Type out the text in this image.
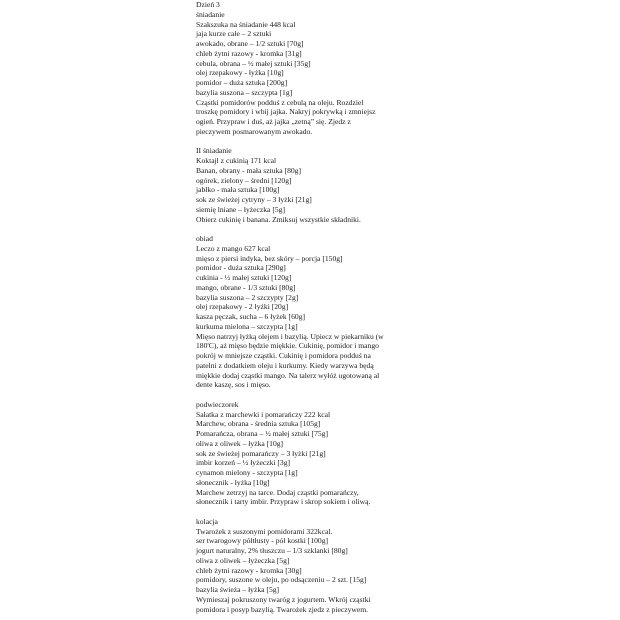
Dzień 3
śniadanie
Szakszuka na śniadanie 448 kcal
jaja kurze całe – 2 sztuki
awokado, obrane – 1/2 sztuki [70g]
chleb żytni razowy - kromka [31g]
cebula, obrana – ½ małej sztuki [35g]
olej rzepakowy - łyżka [10g]
pomidor – duża sztuka [200g]
bazylia suszona – szczypta [1g]
Cząstki pomidorów podduś z cebulą na oleju. Rozdziel
troszkę pomidory i wbij jajka. Nakryj pokrywką i zmniejsz
ogień. Przypraw i duś, aż jajka „zetną” się. Zjedz z
pieczywem posmarowanym awokado.
II śniadanie
Koktajl z cukinią 171 kcal
Banan, obrany - mała sztuka [80g]
ogórek, zielony – średni [120g]
jabłko - mała sztuka [100g]
sok ze świeżej cytryny – 3 łyżki [21g]
siemię lniane – łyżeczka [5g]
Obierz cukinię i banana. Zmiksuj wszystkie składniki.
obiad
Leczo z mango 627 kcal
mięso z piersi indyka, bez skóry – porcja [150g]
pomidor - duża sztuka [290g]
cukinia - ½ małej sztuki [120g]
mango, obrane - 1/3 sztuki [80g]
bazylia suszona – 2 szczypty [2g]
olej rzepakowy - 2 łyżki [20g]
kasza pęczak, sucha – 6 łyżek [60g]
kurkuma mielona – szczypta [1g]
Mięso natrzyj łyżką olejem i bazylią. Upiecz w piekarniku (w
180'C), aż mięso będzie miękkie. Cukinię, pomidor i mango
pokrój w mniejsze cząstki. Cukinię i pomidora podduś na
patelni z dodatkiem oleju i kurkumy. Kiedy warzywa będą
miękkie dodaj cząstki mango. Na talerz wyłóż ugotowaną al
dente kaszę, sos i mięso.
podwieczorek
Sałatka z marchewki i pomarańczy 222 kcal
Marchew, obrana - średnia sztuka [105g]
Pomarańcza, obrana – ½ małej sztuki [75g]
oliwa z oliwek – łyżka [10g]
sok ze świeżej pomarańczy – 3 łyżki [21g]
imbir korzeń – ½ łyżeczki [3g]
cynamon mielony - szczypta [1g]
słonecznik - łyżka [10g]
Marchew zetrzyj na tarce. Dodaj cząstki pomarańczy,
słonecznik i tarty imbir. Przypraw i skrop sokiem i oliwą.
kolacja
Twarożek z suszonymi pomidorami 322kcal.
ser twarogowy półtłusty - pół kostki [100g]
jogurt naturalny, 2% tłuszczu – 1/3 szklanki [80g]
oliwa z oliwek – łyżeczka [5g]
chleb żytni razowy - kromka [30g]
pomidory, suszone w oleju, po odsączeniu – 2 szt. [15g]
bazylia świeża – łyżka [5g]
Wymieszaj pokruszony twaróg z jogurtem. Wkrój cząstki
pomidora i posyp bazylią. Twarożek zjedz z pieczywem.
